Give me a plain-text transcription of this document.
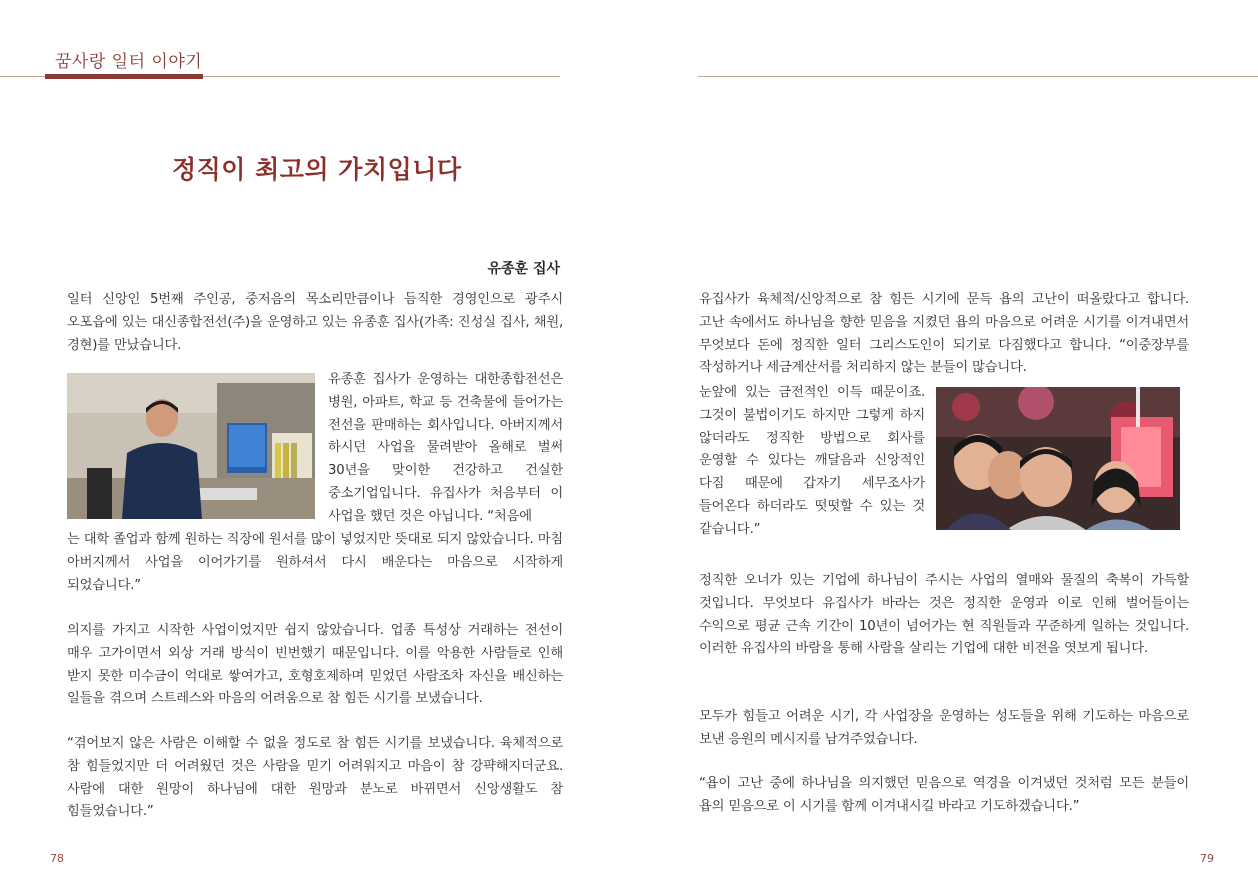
꿈사랑 일터 이야기
정직이 최고의 가치입니다
유종훈 집사
일터 신앙인 5번째 주인공, 중저음의 목소리만큼이나 듬직한 경영인으로 광주시 오포읍에 있는 대신종합전선(주)을 운영하고 있는 유종훈 집사(가족: 진성실 집사, 채원, 경현)를 만났습니다.
유종훈 집사가 운영하는 대한종합전선은 병원, 아파트, 학교 등 건축물에 들어가는 전선을 판매하는 회사입니다. 아버지께서 하시던 사업을 물려받아 올해로 벌써 30년을 맞이한 건강하고 건실한 중소기업입니다. 유집사가 처음부터 이 사업을 했던 것은 아닙니다. “처음에
는 대학 졸업과 함께 원하는 직장에 원서를 많이 넣었지만 뜻대로 되지 않았습니다. 마침 아버지께서 사업을 이어가기를 원하셔서 다시 배운다는 마음으로 시작하게 되었습니다.”
의지를 가지고 시작한 사업이었지만 쉽지 않았습니다. 업종 특성상 거래하는 전선이 매우 고가이면서 외상 거래 방식이 빈번했기 때문입니다. 이를 악용한 사람들로 인해 받지 못한 미수금이 억대로 쌓여가고, 호형호제하며 믿었던 사람조차 자신을 배신하는 일들을 겪으며 스트레스와 마음의 어려움으로 참 힘든 시기를 보냈습니다.
“겪어보지 않은 사람은 이해할 수 없을 정도로 참 힘든 시기를 보냈습니다. 육체적으로 참 힘들었지만 더 어려웠던 것은 사람을 믿기 어려워지고 마음이 참 강퍅해지더군요. 사람에 대한 원망이 하나님에 대한 원망과 분노로 바뀌면서 신앙생활도 참 힘들었습니다.”
유집사가 육체적/신앙적으로 참 힘든 시기에 문득 욥의 고난이 떠올랐다고 합니다. 고난 속에서도 하나님을 향한 믿음을 지켰던 욥의 마음으로 어려운 시기를 이겨내면서 무엇보다 돈에 정직한 일터 그리스도인이 되기로 다짐했다고 합니다. “이중장부를 작성하거나 세금계산서를 처리하지 않는 분들이 많습니다.
눈앞에 있는 금전적인 이득 때문이죠. 그것이 불법이기도 하지만 그렇게 하지 않더라도 정직한 방법으로 회사를 운영할 수 있다는 깨달음과 신앙적인 다짐 때문에 갑자기 세무조사가 들어온다 하더라도 떳떳할 수 있는 것 같습니다.”
정직한 오너가 있는 기업에 하나님이 주시는 사업의 열매와 물질의 축복이 가득할 것입니다. 무엇보다 유집사가 바라는 것은 정직한 운영과 이로 인해 벌어들이는 수익으로 평균 근속 기간이 10년이 넘어가는 현 직원들과 꾸준하게 일하는 것입니다. 이러한 유집사의 바람을 통해 사람을 살리는 기업에 대한 비전을 엿보게 됩니다.
모두가 힘들고 어려운 시기, 각 사업장을 운영하는 성도들을 위해 기도하는 마음으로 보낸 응원의 메시지를 남겨주었습니다.
“욥이 고난 중에 하나님을 의지했던 믿음으로 역경을 이겨냈던 것처럼 모든 분들이 욥의 믿음으로 이 시기를 함께 이겨내시길 바라고 기도하겠습니다.”
78	79
